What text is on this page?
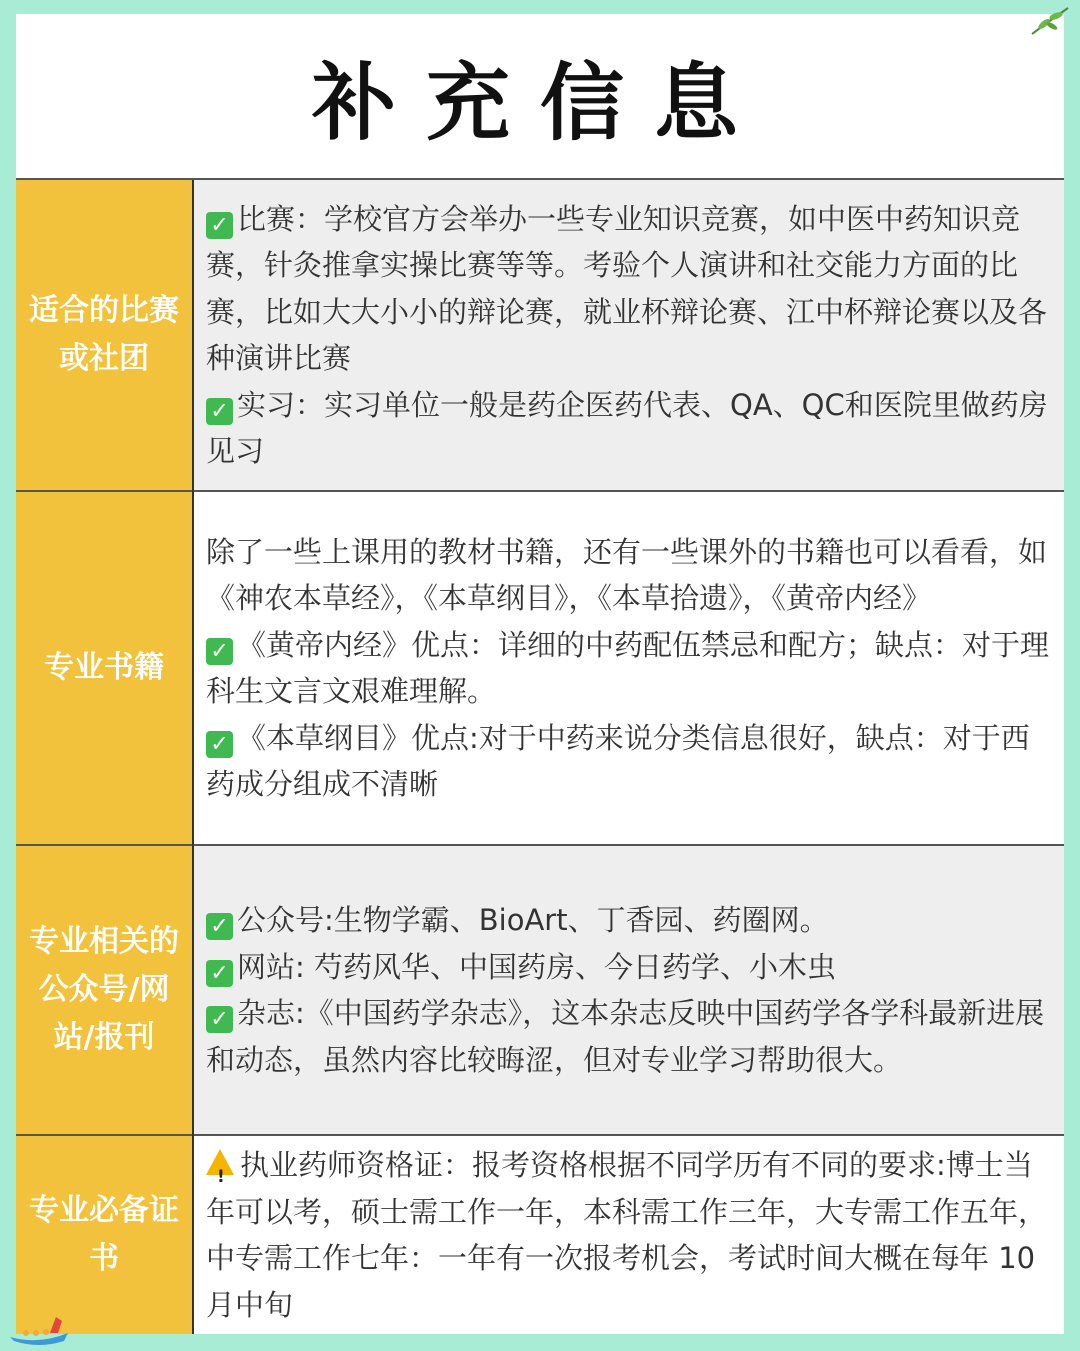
补充信息
适合的比赛或社团

✓ 比赛：学校官方会举办一些专业知识竞赛，如中医中药知识竞赛，针灸推拿实操比赛等等。考验个人演讲和社交能力方面的比赛，比如大大小小的辩论赛，就业杯辩论赛、江中杯辩论赛以及各种演讲比赛

✓ 实习：实习单位一般是药企医药代表、QA、QC和医院里做药房见习

专业书籍

除了一些上课用的教材书籍，还有一些课外的书籍也可以看看，如《神农本草经》，《本草纲目》，《本草拾遗》，《黄帝内经》

✓ 《黄帝内经》优点：详细的中药配伍禁忌和配方；缺点：对于理科生文言文艰难理解。

✓ 《本草纲目》优点:对于中药来说分类信息很好，缺点：对于西药成分组成不清晰

专业相关的公众号/网站/报刊

✓ 公众号:生物学霸、BioArt、丁香园、药圈网。

✓ 网站: 芍药风华、中国药房、今日药学、小木虫

✓ 杂志:《中国药学杂志》，这本杂志反映中国药学各学科最新进展和动态，虽然内容比较晦涩，但对专业学习帮助很大。

专业必备证书

!执业药师资格证：报考资格根据不同学历有不同的要求:博士当年可以考，硕士需工作一年，本科需工作三年，大专需工作五年，中专需工作七年：一年有一次报考机会，考试时间大概在每年 10 月中旬
